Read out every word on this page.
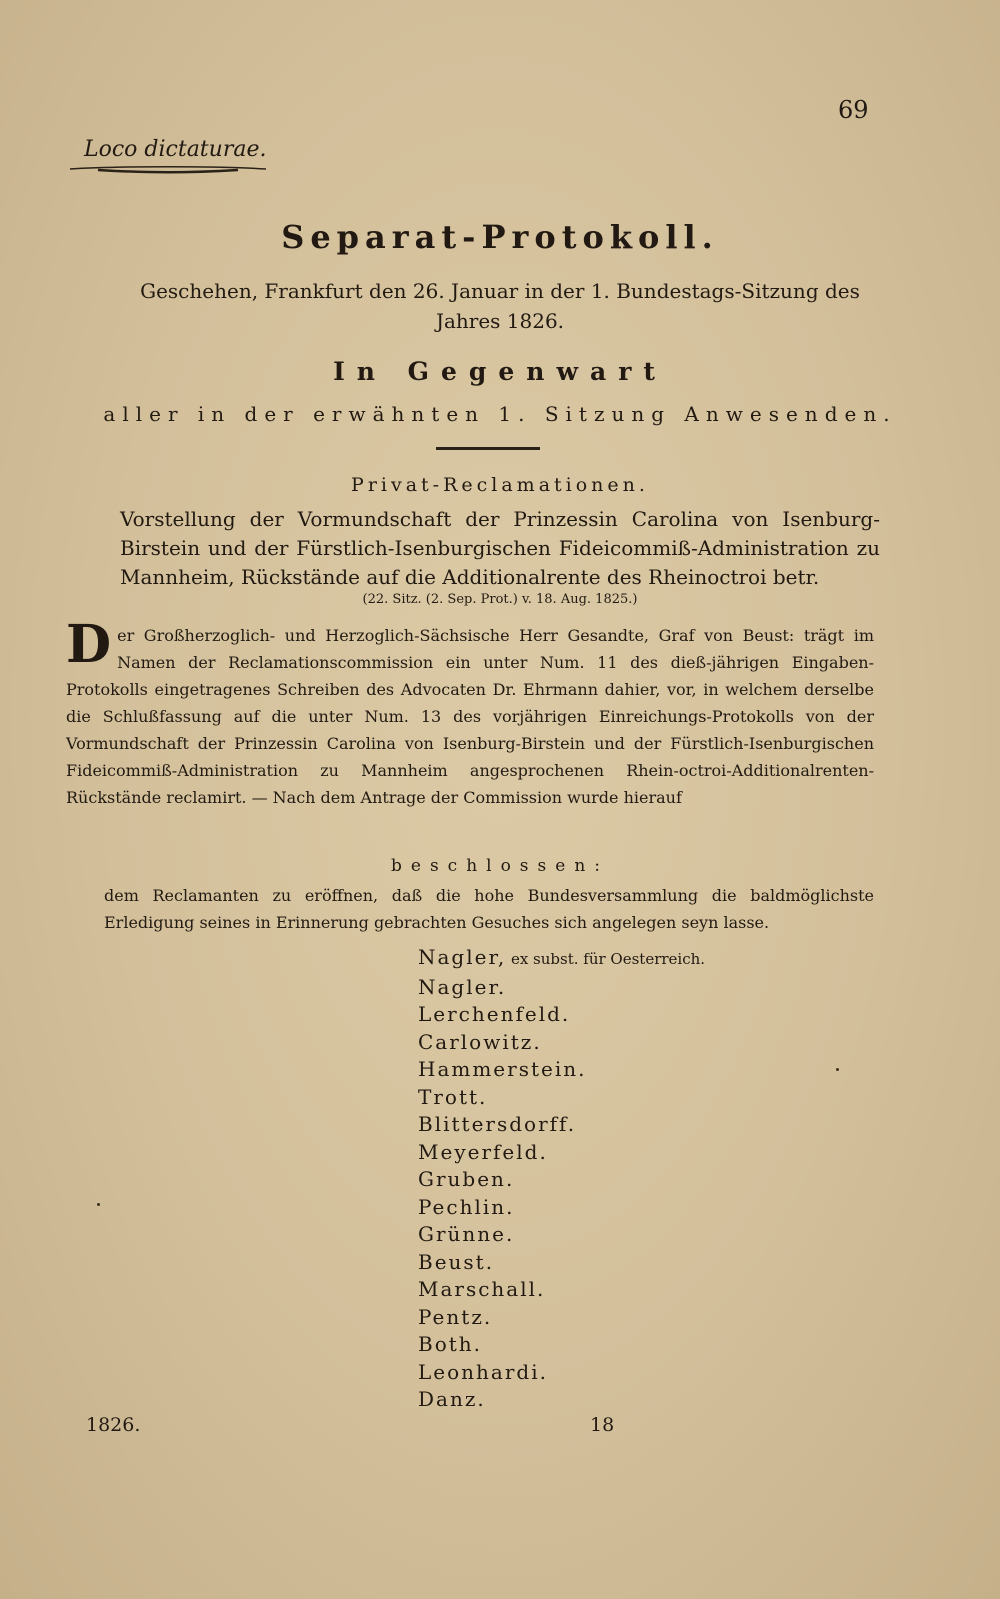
69
Loco dictaturae.
Separat-Protokoll.
Geschehen, Frankfurt den 26. Januar in der 1. Bundestags-Sitzung des Jahres 1826.
In Gegenwart
aller in der erwähnten 1. Sitzung Anwesenden.
Privat-Reclamationen.
Vorstellung der Vormundschaft der Prinzessin Carolina von Isenburg-Birstein und der Fürstlich-Isenburgischen Fideicommiß-Administration zu Mannheim, Rückstände auf die Additionalrente des Rheinoctroi betr.
(22. Sitz. (2. Sep. Prot.) v. 18. Aug. 1825.)
Der Großherzoglich- und Herzoglich-Sächsische Herr Gesandte, Graf von Beust: trägt im Namen der Reclamationscommission ein unter Num. 11 des dieß-jährigen Eingaben-Protokolls eingetragenes Schreiben des Advocaten Dr. Ehrmann dahier, vor, in welchem derselbe die Schlußfassung auf die unter Num. 13 des vorjährigen Einreichungs-Protokolls von der Vormundschaft der Prinzessin Carolina von Isenburg-Birstein und der Fürstlich-Isenburgischen Fideicommiß-Administration zu Mannheim angesprochenen Rhein-octroi-Additionalrenten-Rückstände reclamirt. — Nach dem Antrage der Commission wurde hierauf
beschlossen:
dem Reclamanten zu eröffnen, daß die hohe Bundesversammlung die baldmöglichste Erledigung seines in Erinnerung gebrachten Gesuches sich angelegen seyn lasse.
Nagler, ex subst. für Oesterreich.
Nagler.
Lerchenfeld.
Carlowitz.
Hammerstein.
Trott.
Blittersdorff.
Meyerfeld.
Gruben.
Pechlin.
Grünne.
Beust.
Marschall.
Pentz.
Both.
Leonhardi.
Danz.
1826.	18
